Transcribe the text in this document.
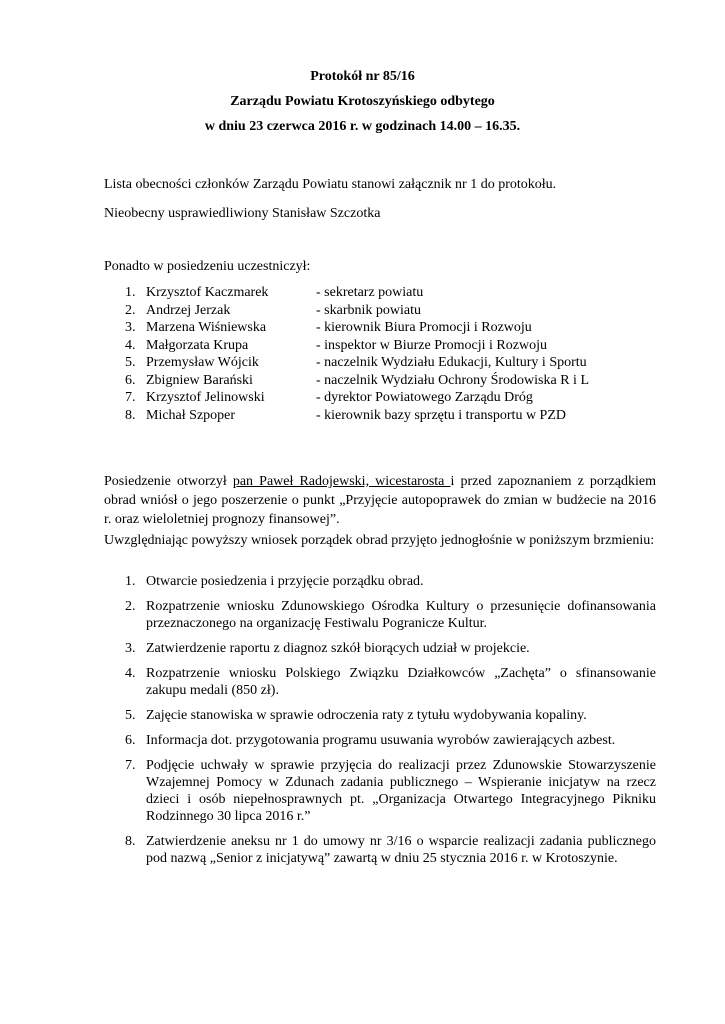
Protokół nr 85/16
Zarządu Powiatu Krotoszyńskiego odbytego
w dniu 23 czerwca 2016 r. w godzinach 14.00 – 16.35.
Lista obecności członków Zarządu Powiatu stanowi załącznik nr 1 do protokołu.
Nieobecny usprawiedliwiony Stanisław Szczotka
Ponadto w posiedzeniu uczestniczył:
1. Krzysztof Kaczmarek	- sekretarz powiatu
2. Andrzej Jerzak	- skarbnik powiatu
3. Marzena Wiśniewska	- kierownik Biura Promocji i Rozwoju
4. Małgorzata Krupa	- inspektor w Biurze Promocji i Rozwoju
5. Przemysław Wójcik	- naczelnik Wydziału Edukacji, Kultury i Sportu
6. Zbigniew Barański	- naczelnik Wydziału Ochrony Środowiska R i L
7. Krzysztof Jelinowski	- dyrektor Powiatowego Zarządu Dróg
8. Michał Szpoper	- kierownik bazy sprzętu i transportu w PZD
Posiedzenie otworzył pan Paweł Radojewski, wicestarosta i przed zapoznaniem z porządkiem obrad wniósł o jego poszerzenie o punkt „Przyjęcie autopoprawek do zmian w budżecie na 2016 r. oraz wieloletniej prognozy finansowej”.
Uwzględniając powyższy wniosek porządek obrad przyjęto jednogłośnie w poniższym brzmieniu:
1. Otwarcie posiedzenia i przyjęcie porządku obrad.
2. Rozpatrzenie wniosku Zdunowskiego Ośrodka Kultury o przesunięcie dofinansowania przeznaczonego na organizację Festiwalu Pogranicze Kultur.
3. Zatwierdzenie raportu z diagnoz szkół biorących udział w projekcie.
4. Rozpatrzenie wniosku Polskiego Związku Działkowców „Zachęta” o sfinansowanie zakupu medali (850 zł).
5. Zajęcie stanowiska w sprawie odroczenia raty z tytułu wydobywania kopaliny.
6. Informacja dot. przygotowania programu usuwania wyrobów zawierających azbest.
7. Podjęcie uchwały w sprawie przyjęcia do realizacji przez Zdunowskie Stowarzyszenie Wzajemnej Pomocy w Zdunach zadania publicznego – Wspieranie inicjatyw na rzecz dzieci i osób niepełnosprawnych pt. „Organizacja Otwartego Integracyjnego Pikniku Rodzinnego 30 lipca 2016 r.”
8. Zatwierdzenie aneksu nr 1 do umowy nr 3/16 o wsparcie realizacji zadania publicznego pod nazwą „Senior z inicjatywą” zawartą w dniu 25 stycznia 2016 r. w Krotoszynie.
